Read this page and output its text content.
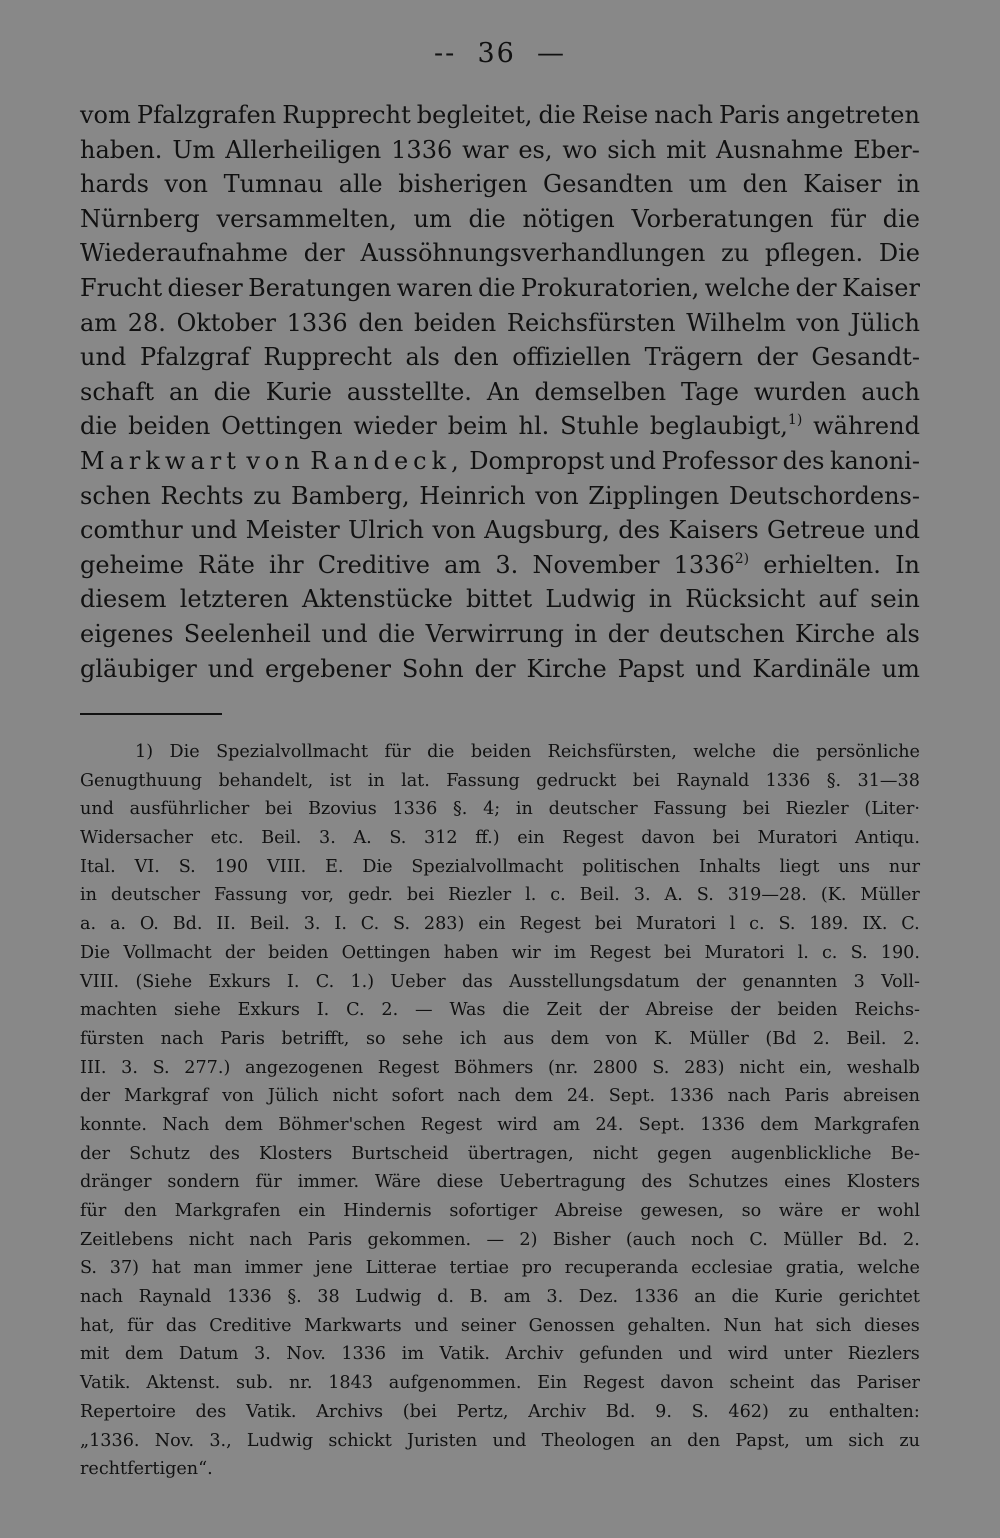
--  36  —
vom Pfalzgrafen Rupprecht begleitet, die Reise nach Paris angetreten
haben. Um Allerheiligen 1336 war es, wo sich mit Ausnahme Eber-
hards von Tumnau alle bisherigen Gesandten um den Kaiser in
Nürnberg versammelten, um die nötigen Vorberatungen für die
Wiederaufnahme der Aussöhnungsverhandlungen zu pflegen. Die
Frucht dieser Beratungen waren die Prokuratorien, welche der Kaiser
am 28. Oktober 1336 den beiden Reichsfürsten Wilhelm von Jülich
und Pfalzgraf Rupprecht als den offiziellen Trägern der Gesandt-
schaft an die Kurie ausstellte. An demselben Tage wurden auch
die beiden Oettingen wieder beim hl. Stuhle beglaubigt,$^{1)}$ während
Markwart von Randeck, Dompropst und Professor des kanoni-
schen Rechts zu Bamberg, Heinrich von Zipplingen Deutschordens-
comthur und Meister Ulrich von Augsburg, des Kaisers Getreue und
geheime Räte ihr Creditive am 3. November 1336$^{2)}$ erhielten. In
diesem letzteren Aktenstücke bittet Ludwig in Rücksicht auf sein
eigenes Seelenheil und die Verwirrung in der deutschen Kirche als
gläubiger und ergebener Sohn der Kirche Papst und Kardinäle um
1) Die Spezialvollmacht für die beiden Reichsfürsten, welche die persönliche
Genugthuung behandelt, ist in lat. Fassung gedruckt bei Raynald 1336 §. 31—38
und ausführlicher bei Bzovius 1336 §. 4; in deutscher Fassung bei Riezler (Liter·
Widersacher etc. Beil. 3. A. S. 312 ff.) ein Regest davon bei Muratori Antiqu.
Ital. VI. S. 190 VIII. E. Die Spezialvollmacht politischen Inhalts liegt uns nur
in deutscher Fassung vor, gedr. bei Riezler l. c. Beil. 3. A. S. 319—28. (K. Müller
a. a. O. Bd. II. Beil. 3. I. C. S. 283) ein Regest bei Muratori l c. S. 189. IX. C.
Die Vollmacht der beiden Oettingen haben wir im Regest bei Muratori l. c. S. 190.
VIII. (Siehe Exkurs I. C. 1.) Ueber das Ausstellungsdatum der genannten 3 Voll-
machten siehe Exkurs I. C. 2. — Was die Zeit der Abreise der beiden Reichs-
fürsten nach Paris betrifft, so sehe ich aus dem von K. Müller (Bd 2. Beil. 2.
III. 3. S. 277.) angezogenen Regest Böhmers (nr. 2800 S. 283) nicht ein, weshalb
der Markgraf von Jülich nicht sofort nach dem 24. Sept. 1336 nach Paris abreisen
konnte. Nach dem Böhmer'schen Regest wird am 24. Sept. 1336 dem Markgrafen
der Schutz des Klosters Burtscheid übertragen, nicht gegen augenblickliche Be-
dränger sondern für immer. Wäre diese Uebertragung des Schutzes eines Klosters
für den Markgrafen ein Hindernis sofortiger Abreise gewesen, so wäre er wohl
Zeitlebens nicht nach Paris gekommen. — 2) Bisher (auch noch C. Müller Bd. 2.
S. 37) hat man immer jene Litterae tertiae pro recuperanda ecclesiae gratia, welche
nach Raynald 1336 §. 38 Ludwig d. B. am 3. Dez. 1336 an die Kurie gerichtet
hat, für das Creditive Markwarts und seiner Genossen gehalten. Nun hat sich dieses
mit dem Datum 3. Nov. 1336 im Vatik. Archiv gefunden und wird unter Riezlers
Vatik. Aktenst. sub. nr. 1843 aufgenommen. Ein Regest davon scheint das Pariser
Repertoire des Vatik. Archivs (bei Pertz, Archiv Bd. 9. S. 462) zu enthalten:
„1336. Nov. 3., Ludwig schickt Juristen und Theologen an den Papst, um sich zu
rechtfertigen“.
